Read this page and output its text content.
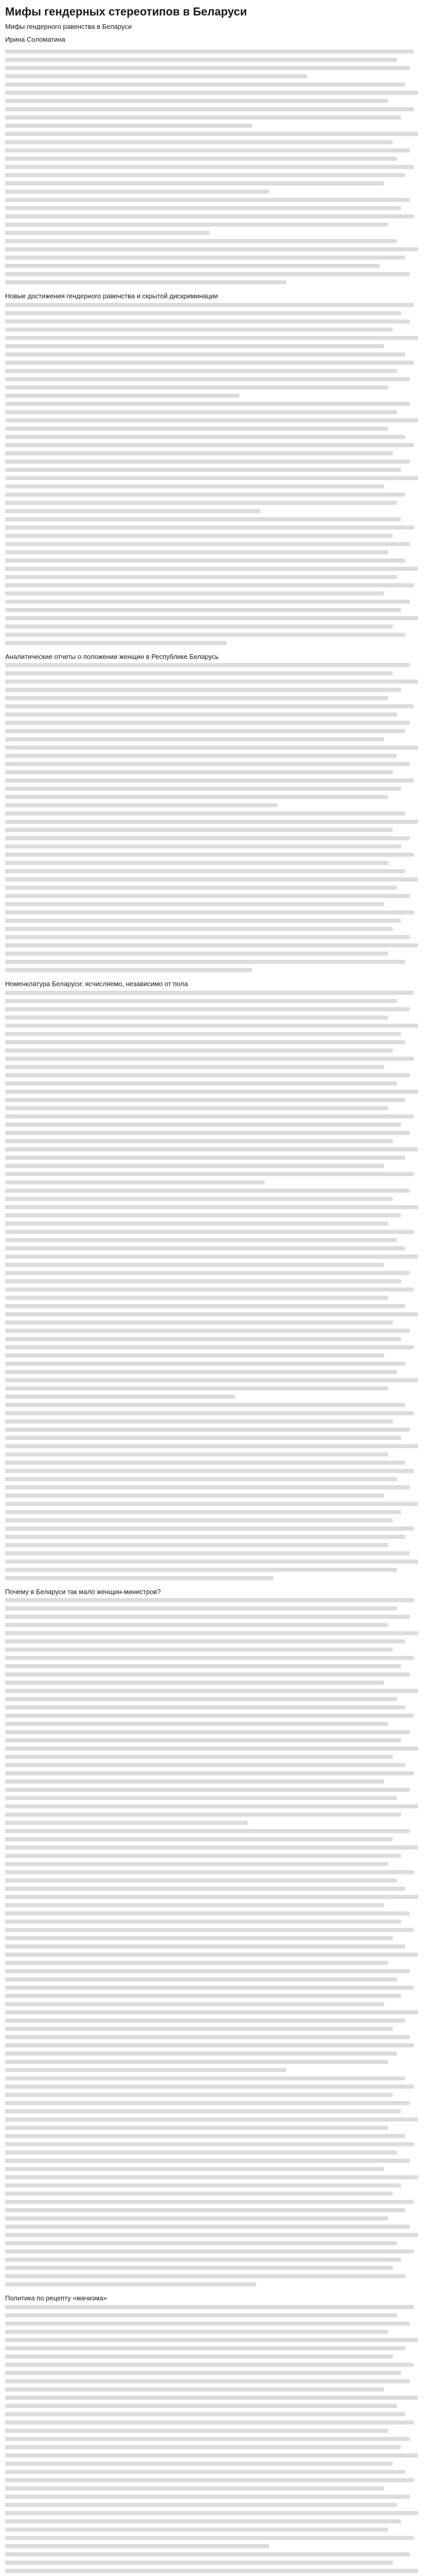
Мифы гендерных стереотипов в Беларуси
Мифы гендерного равенства в Беларуси
Ирина Соломатина
Новые достижения гендерного равенства и скрытой дискриминации
Аналитические отчеты о положении женщин в Республике Беларусь
Номенклатура Беларуси: ясчисляемо, независимо от пола
Почему в Беларуси так мало женщин-министров?
Политика по рецепту «мачизма»
